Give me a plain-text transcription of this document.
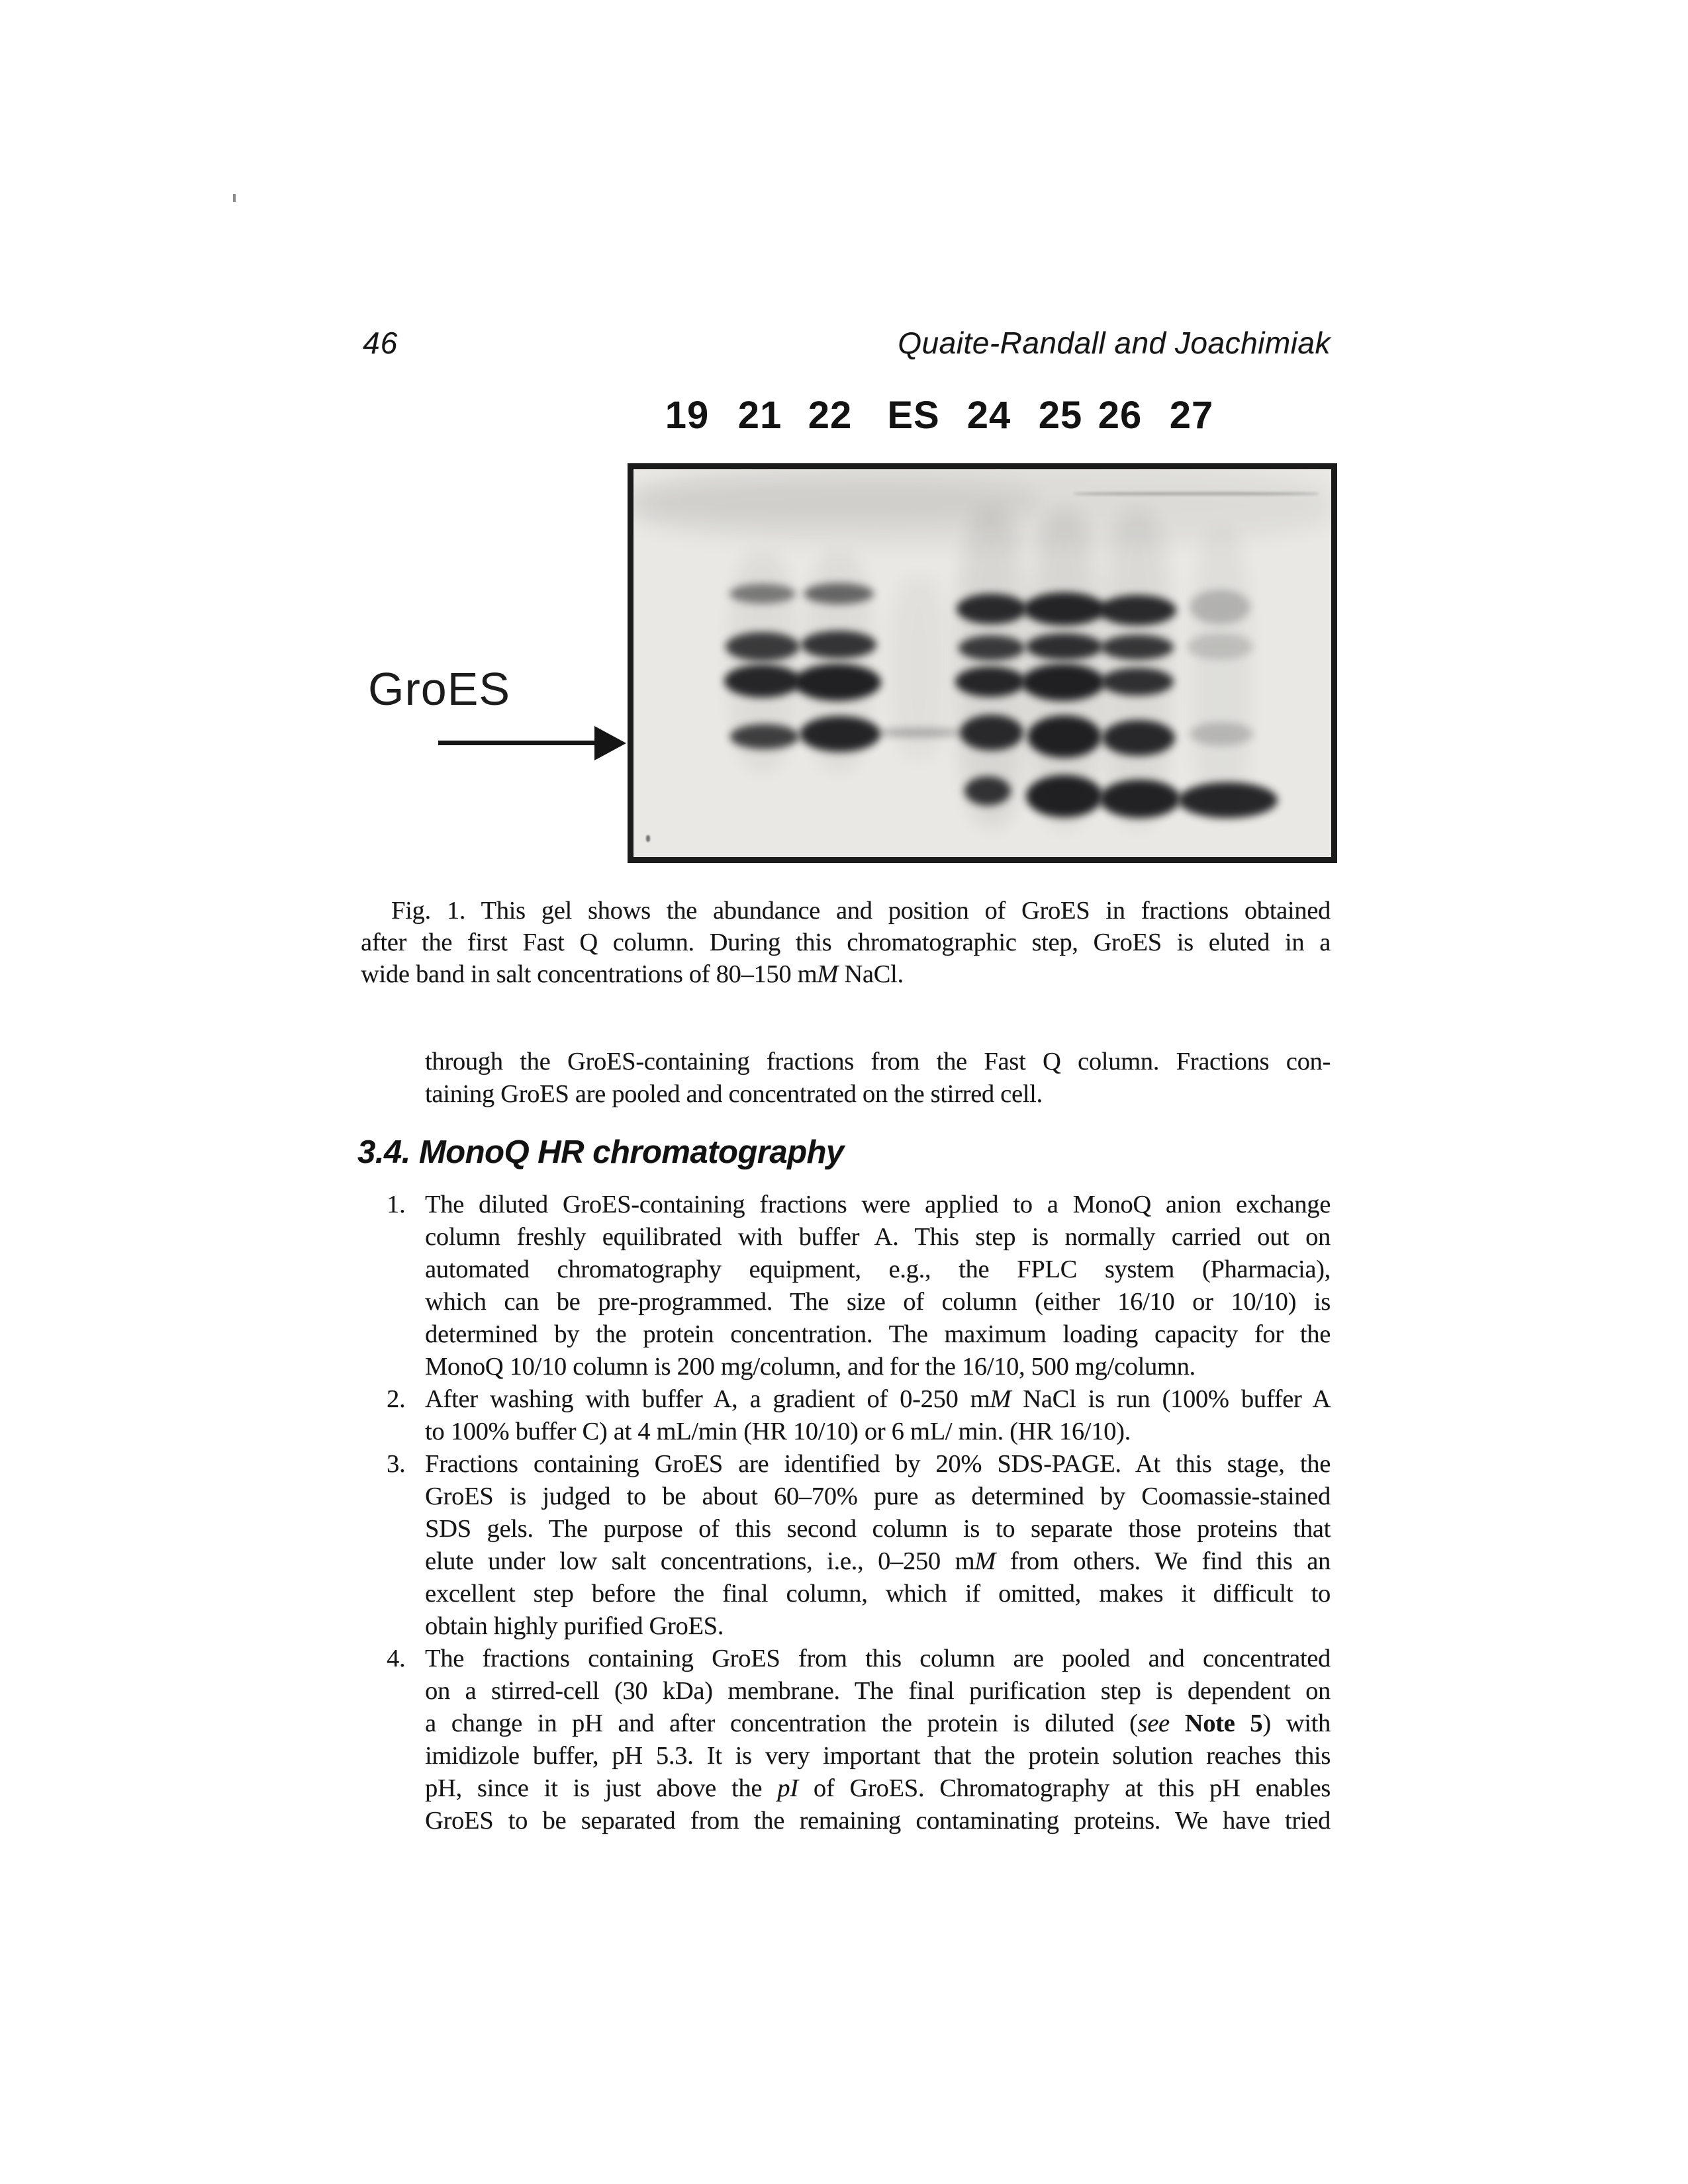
46	Quaite-Randall and Joachimiak
19 21 22 ES 24 25 26 27
GroES
Fig. 1. This gel shows the abundance and position of GroES in fractions obtained
after the first Fast Q column. During this chromatographic step, GroES is eluted in a
wide band in salt concentrations of 80–150 mM NaCl.
through the GroES-containing fractions from the Fast Q column. Fractions con-
taining GroES are pooled and concentrated on the stirred cell.
3.4. MonoQ HR chromatography
1. The diluted GroES-containing fractions were applied to a MonoQ anion exchange
column freshly equilibrated with buffer A. This step is normally carried out on
automated chromatography equipment, e.g., the FPLC system (Pharmacia),
which can be pre-programmed. The size of column (either 16/10 or 10/10) is
determined by the protein concentration. The maximum loading capacity for the
MonoQ 10/10 column is 200 mg/column, and for the 16/10, 500 mg/column.
2. After washing with buffer A, a gradient of 0-250 mM NaCl is run (100% buffer A
to 100% buffer C) at 4 mL/min (HR 10/10) or 6 mL/ min. (HR 16/10).
3. Fractions containing GroES are identified by 20% SDS-PAGE. At this stage, the
GroES is judged to be about 60–70% pure as determined by Coomassie-stained
SDS gels. The purpose of this second column is to separate those proteins that
elute under low salt concentrations, i.e., 0–250 mM from others. We find this an
excellent step before the final column, which if omitted, makes it difficult to
obtain highly purified GroES.
4. The fractions containing GroES from this column are pooled and concentrated
on a stirred-cell (30 kDa) membrane. The final purification step is dependent on
a change in pH and after concentration the protein is diluted (see Note 5) with
imidizole buffer, pH 5.3. It is very important that the protein solution reaches this
pH, since it is just above the pI of GroES. Chromatography at this pH enables
GroES to be separated from the remaining contaminating proteins. We have tried
